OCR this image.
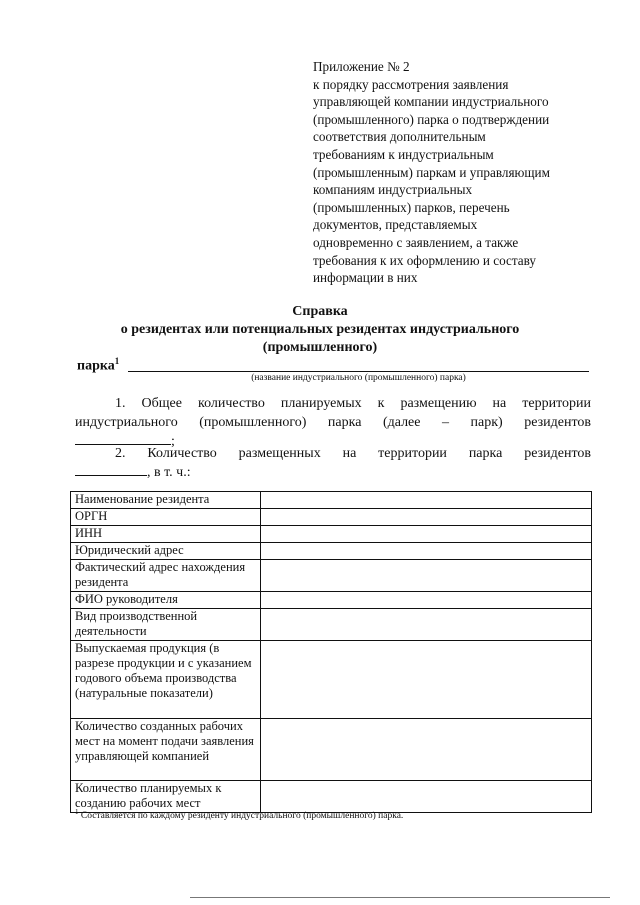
Приложение № 2
к порядку рассмотрения заявления
управляющей компании индустриального
(промышленного) парка о подтверждении
соответствия дополнительным
требованиям к индустриальным
(промышленным) паркам и управляющим
компаниям индустриальных
(промышленных) парков, перечень
документов, представляемых
одновременно с заявлением, а также
требования к их оформлению и составу
информации в них
Справка
о резидентах или потенциальных резидентах индустриального
(промышленного)
парка$^1$
(название индустриального (промышленного) парка)
1. Общее количество планируемых к размещению на территории
индустриального (промышленного) парка (далее – парк) резидентов
;
2. Количество размещенных на территории парка резидентов
, в т. ч.:
Наименование резидента	
ОРГН	
ИНН	
Юридический адрес	
Фактический адрес нахождения резидента	
ФИО руководителя	
Вид производственной деятельности	
Выпускаемая продукция (в разрезе продукции и с указанием годового объема производства (натуральные показатели)	
Количество созданных рабочих мест на момент подачи заявления управляющей компанией	
Количество планируемых к созданию рабочих мест	
$^1$ Составляется по каждому резиденту индустриального (промышленного) парка.
